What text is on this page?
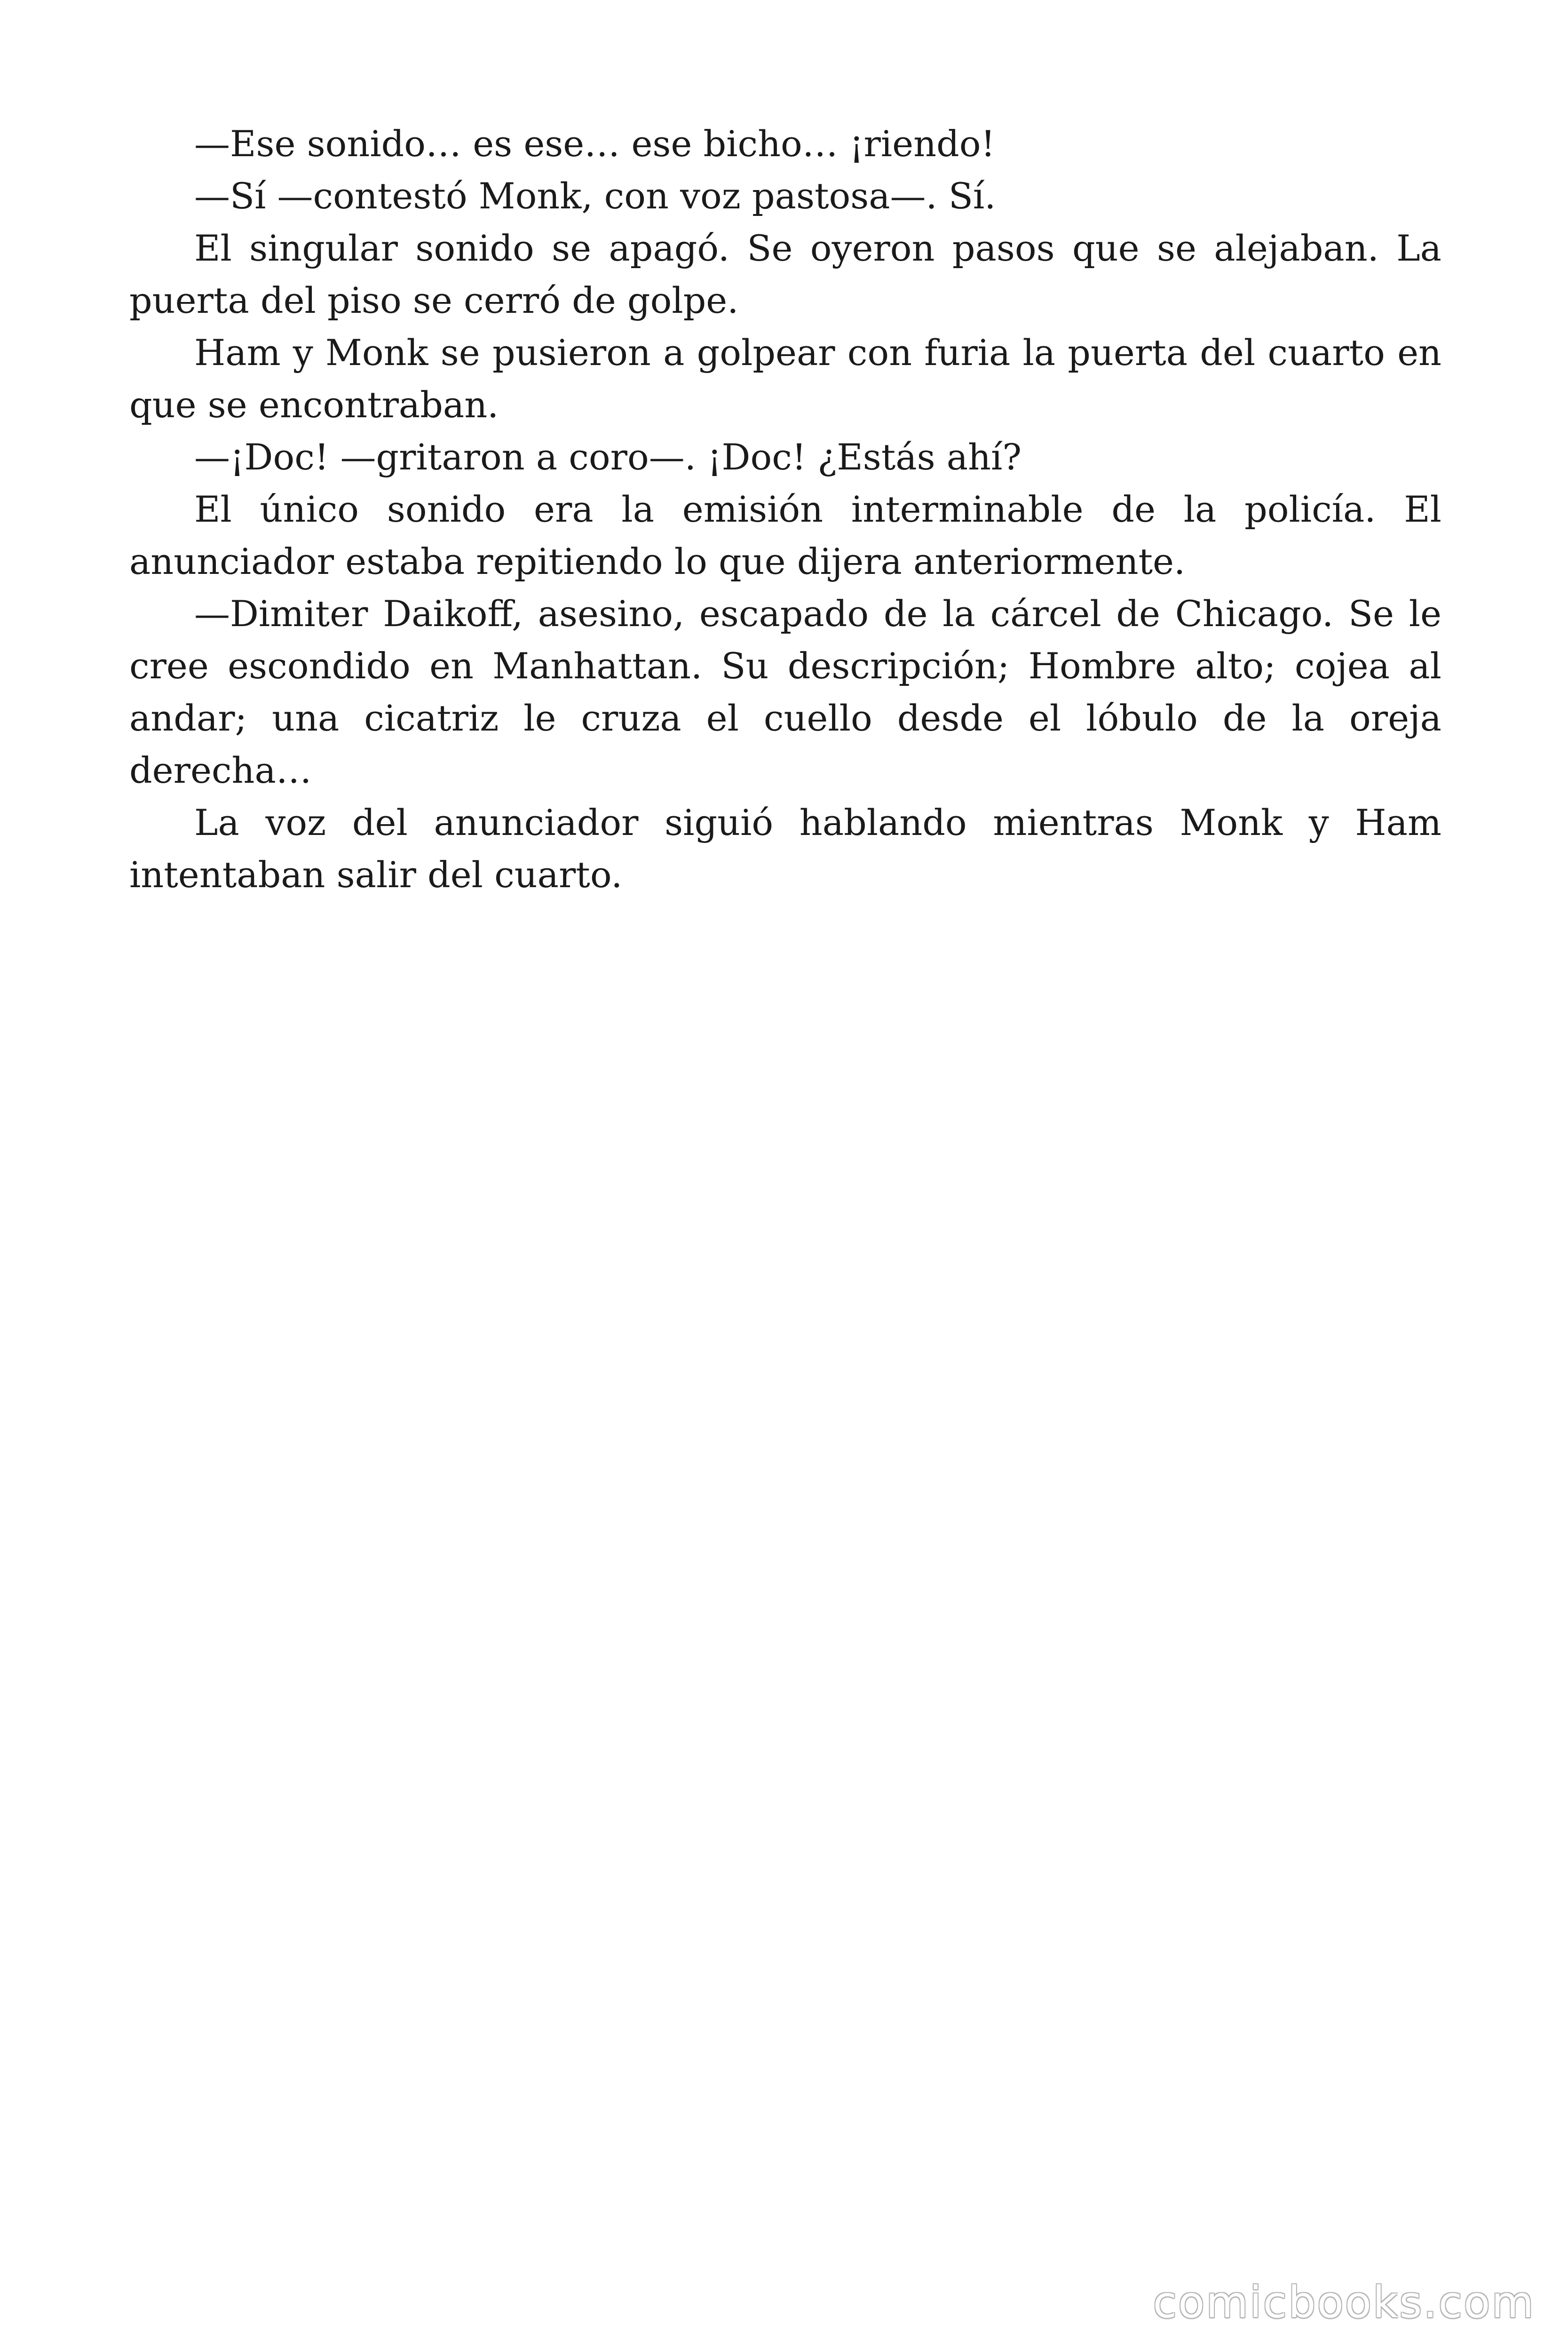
—Ese sonido… es ese… ese bicho… ¡riendo!

—Sí —contestó Monk, con voz pastosa—. Sí.

El singular sonido se apagó. Se oyeron pasos que se alejaban. La puerta del piso se cerró de golpe.

Ham y Monk se pusieron a golpear con furia la puerta del cuarto en que se encontraban.

—¡Doc! —gritaron a coro—. ¡Doc! ¿Estás ahí?

El único sonido era la emisión interminable de la policía. El anunciador estaba repitiendo lo que dijera anteriormente.

—Dimiter Daikoff, asesino, escapado de la cárcel de Chicago. Se le cree escondido en Manhattan. Su descripción; Hombre alto; cojea al andar; una cicatriz le cruza el cuello desde el lóbulo de la oreja derecha…

La voz del anunciador siguió hablando mientras Monk y Ham intentaban salir del cuarto.

comicbooks.com
